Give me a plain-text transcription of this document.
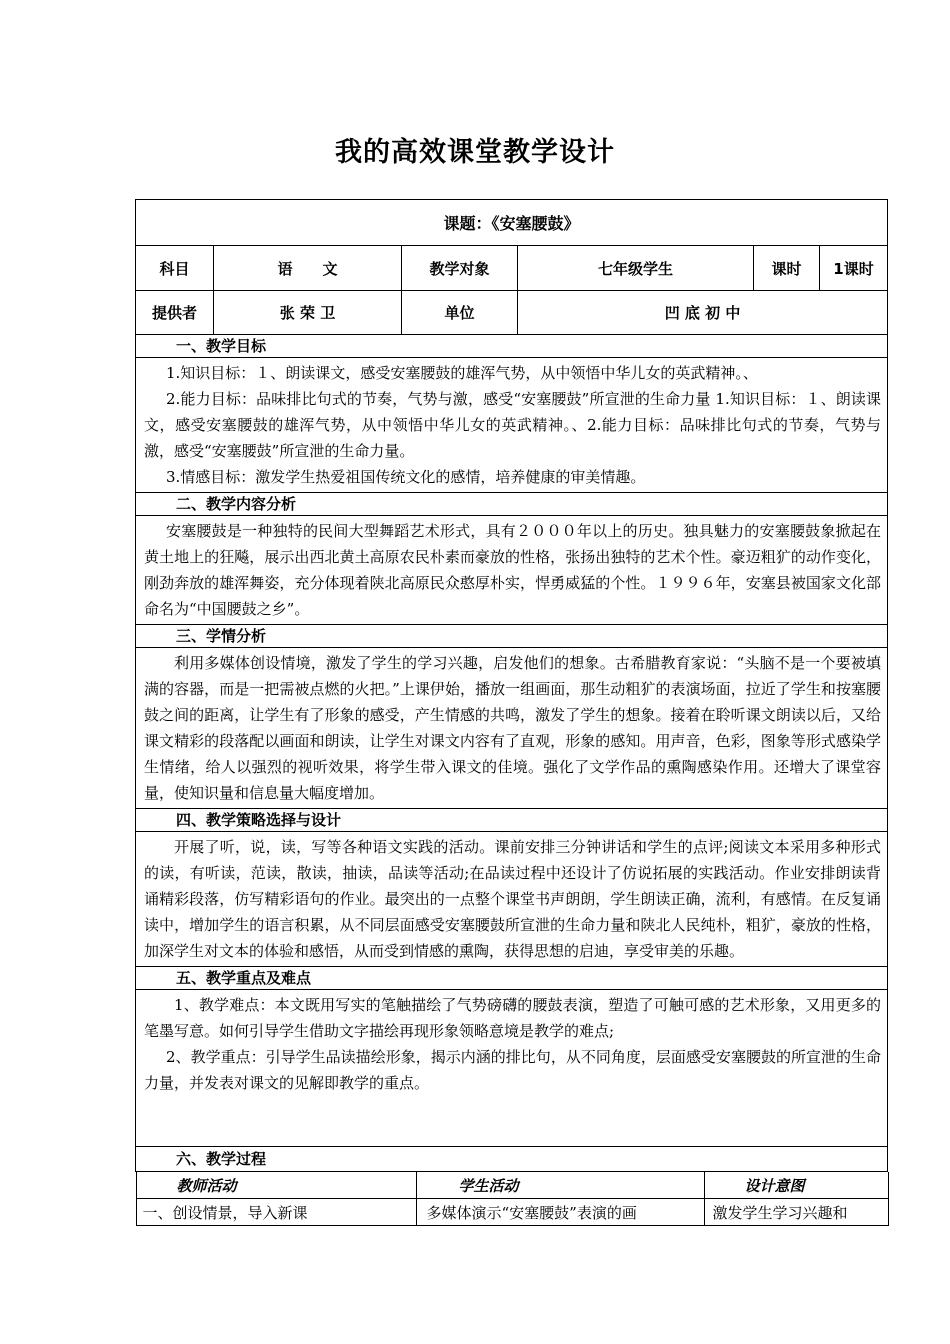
我的高效课堂教学设计
课题：《安塞腰鼓》
科目	语　　文	教学对象	七年级学生	课时	1课时
提供者	张 荣 卫	单位	凹 底 初 中
一、教学目标

1.知识目标：１、朗读课文，感受安塞腰鼓的雄浑气势，从中领悟中华儿女的英武精神。、

2.能力目标：品味排比句式的节奏，气势与激，感受“安塞腰鼓”所宣泄的生命力量 1.知识目标：１、朗读课文，感受安塞腰鼓的雄浑气势，从中领悟中华儿女的英武精神。、2.能力目标：品味排比句式的节奏，气势与激，感受“安塞腰鼓”所宣泄的生命力量。

3.情感目标：激发学生热爱祖国传统文化的感情，培养健康的审美情趣。

二、教学内容分析

安塞腰鼓是一种独特的民间大型舞蹈艺术形式，具有２０００年以上的历史。独具魅力的安塞腰鼓象掀起在黄土地上的狂飚，展示出西北黄土高原农民朴素而豪放的性格，张扬出独特的艺术个性。豪迈粗犷的动作变化，刚劲奔放的雄浑舞姿，充分体现着陕北高原民众憨厚朴实，悍勇威猛的个性。１９９６年，安塞县被国家文化部命名为“中国腰鼓之乡”。

三、学情分析

利用多媒体创设情境，激发了学生的学习兴趣，启发他们的想象。古希腊教育家说：“头脑不是一个要被填满的容器，而是一把需被点燃的火把。”上课伊始，播放一组画面，那生动粗犷的表演场面，拉近了学生和按塞腰鼓之间的距离，让学生有了形象的感受，产生情感的共鸣，激发了学生的想象。接着在聆听课文朗读以后，又给课文精彩的段落配以画面和朗读，让学生对课文内容有了直观，形象的感知。用声音，色彩，图象等形式感染学生情绪，给人以强烈的视听效果，将学生带入课文的佳境。强化了文学作品的熏陶感染作用。还增大了课堂容量，使知识量和信息量大幅度增加。

四、教学策略选择与设计

开展了听，说，读，写等各种语文实践的活动。课前安排三分钟讲话和学生的点评;阅读文本采用多种形式的读，有听读，范读，散读，抽读，品读等活动;在品读过程中还设计了仿说拓展的实践活动。作业安排朗读背诵精彩段落，仿写精彩语句的作业。最突出的一点整个课堂书声朗朗，学生朗读正确，流利，有感情。在反复诵读中，增加学生的语言积累，从不同层面感受安塞腰鼓所宣泄的生命力量和陕北人民纯朴，粗犷，豪放的性格，加深学生对文本的体验和感悟，从而受到情感的熏陶，获得思想的启迪，享受审美的乐趣。

五、教学重点及难点

1、教学难点：本文既用写实的笔触描绘了气势磅礴的腰鼓表演，塑造了可触可感的艺术形象，又用更多的笔墨写意。如何引导学生借助文字描绘再现形象领略意境是教学的难点;

2、教学重点：引导学生品读描绘形象，揭示内涵的排比句，从不同角度，层面感受安塞腰鼓的所宣泄的生命力量，并发表对课文的见解即教学的重点。

六、教学过程

教师活动	学生活动	设计意图
一、创设情景，导入新课	多媒体演示“安塞腰鼓”表演的画	激发学生学习兴趣和
